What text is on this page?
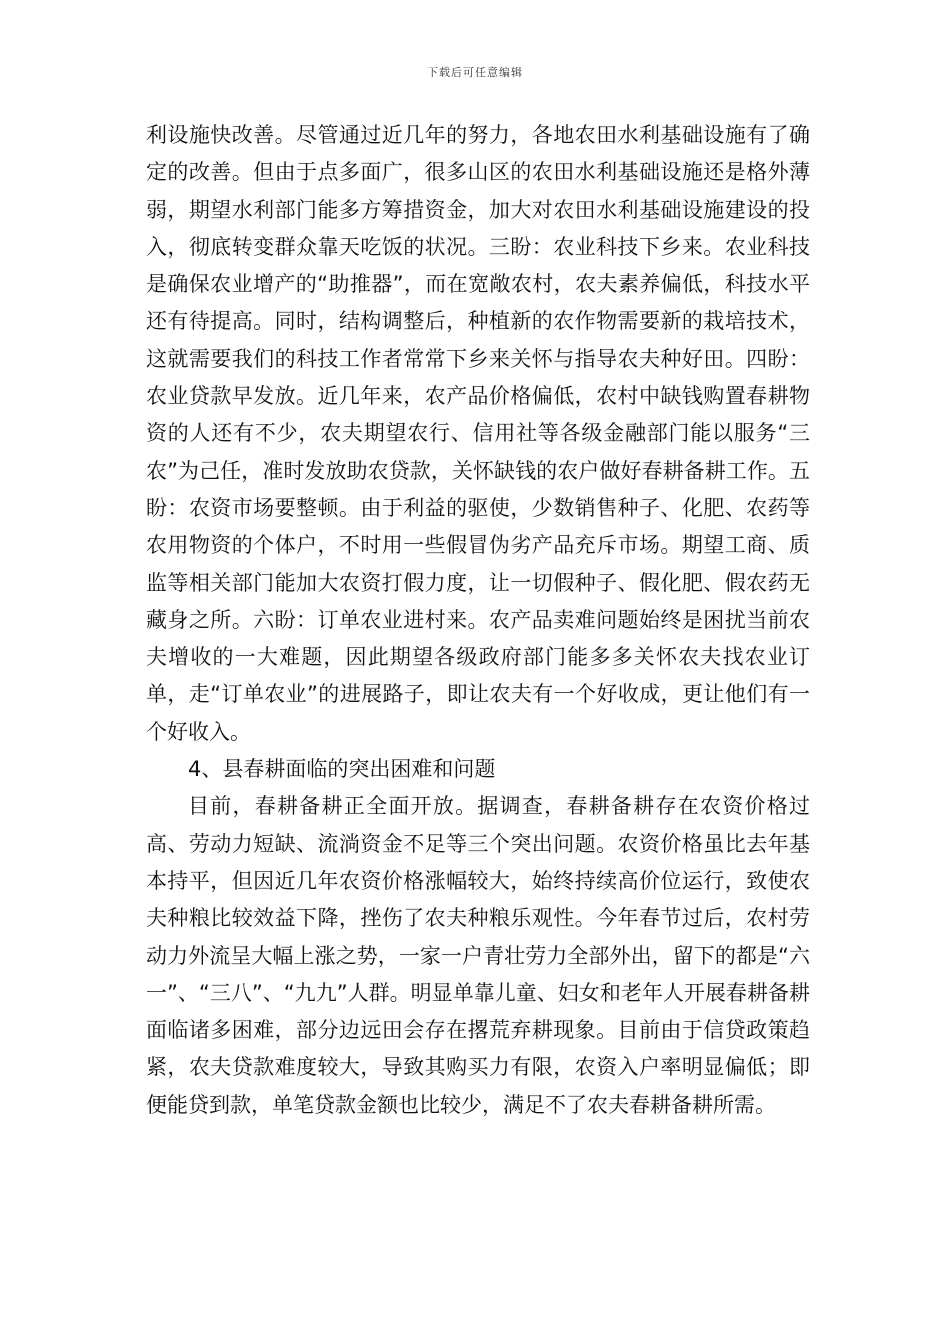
下载后可任意编辑

利设施快改善。尽管通过近几年的努力，各地农田水利基础设施有了确定的改善。但由于点多面广，很多山区的农田水利基础设施还是格外薄弱，期望水利部门能多方筹措资金，加大对农田水利基础设施建设的投入，彻底转变群众靠天吃饭的状况。三盼：农业科技下乡来。农业科技是确保农业增产的“助推器”，而在宽敞农村，农夫素养偏低，科技水平还有待提高。同时，结构调整后，种植新的农作物需要新的栽培技术，这就需要我们的科技工作者常常下乡来关怀与指导农夫种好田。四盼：农业贷款早发放。近几年来，农产品价格偏低，农村中缺钱购置春耕物资的人还有不少，农夫期望农行、信用社等各级金融部门能以服务“三农”为己任，准时发放助农贷款，关怀缺钱的农户做好春耕备耕工作。五盼：农资市场要整顿。由于利益的驱使，少数销售种子、化肥、农药等农用物资的个体户，不时用一些假冒伪劣产品充斥市场。期望工商、质监等相关部门能加大农资打假力度，让一切假种子、假化肥、假农药无藏身之所。六盼：订单农业进村来。农产品卖难问题始终是困扰当前农夫增收的一大难题，因此期望各级政府部门能多多关怀农夫找农业订单，走“订单农业”的进展路子，即让农夫有一个好收成，更让他们有一个好收入。

4、县春耕面临的突出困难和问题

目前，春耕备耕正全面开放。据调查，春耕备耕存在农资价格过高、劳动力短缺、流淌资金不足等三个突出问题。农资价格虽比去年基本持平，但因近几年农资价格涨幅较大，始终持续高价位运行，致使农夫种粮比较效益下降，挫伤了农夫种粮乐观性。今年春节过后，农村劳动力外流呈大幅上涨之势，一家一户青壮劳力全部外出，留下的都是“六一”、“三八”、“九九”人群。明显单靠儿童、妇女和老年人开展春耕备耕面临诸多困难，部分边远田会存在撂荒弃耕现象。目前由于信贷政策趋紧，农夫贷款难度较大，导致其购买力有限，农资入户率明显偏低；即便能贷到款，单笔贷款金额也比较少，满足不了农夫春耕备耕所需。
